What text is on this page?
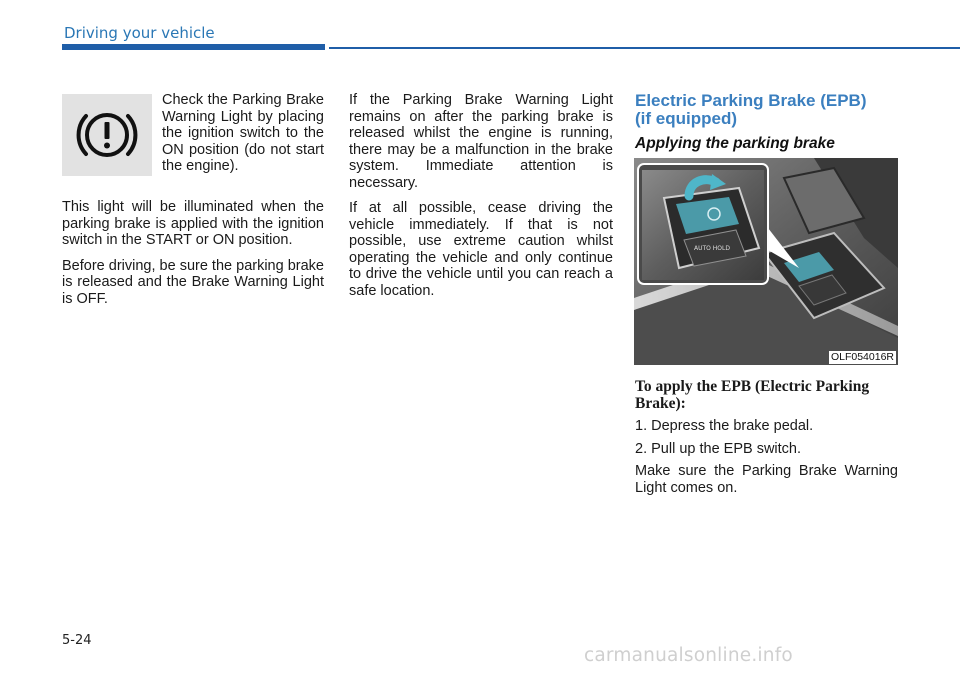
Driving your vehicle

Check the Parking Brake Warning Light by placing the ignition switch to the ON position (do not start the engine).

This light will be illuminated when the parking brake is applied with the ignition switch in the START or ON position.

Before driving, be sure the parking brake is released and the Brake Warning Light is OFF.

If the Parking Brake Warning Light remains on after the parking brake is released whilst the engine is running, there may be a malfunction in the brake system. Immediate attention is necessary.

If at all possible, cease driving the vehicle immediately. If that is not possible, use extreme caution whilst operating the vehicle and only continue to drive the vehicle until you can reach a safe location.

Electric Parking Brake (EPB)
(if equipped)
Applying the parking brake
AUTO HOLD
OLF054016R
To apply the EPB (Electric Parking Brake):

1. Depress the brake pedal.

2. Pull up the EPB switch.

Make sure the Parking Brake Warning Light comes on.

5-24
carmanualsonline.info
